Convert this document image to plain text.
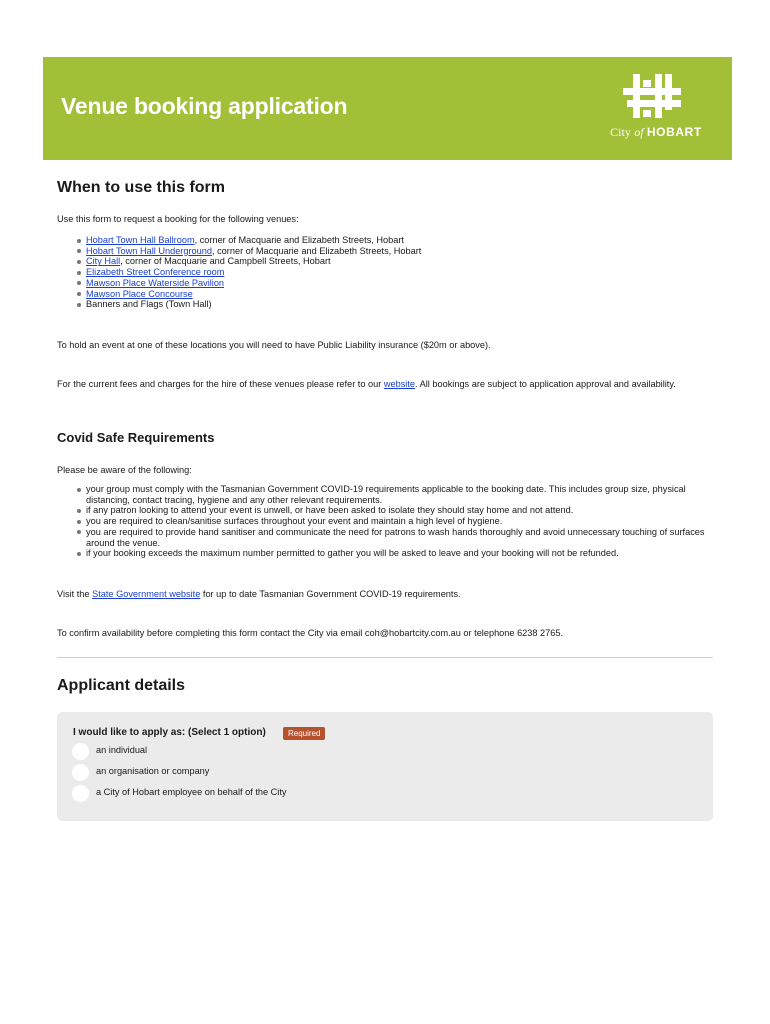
Venue booking application
City of HOBART
When to use this form

Use this form to request a booking for the following venues:

Hobart Town Hall Ballroom, corner of Macquarie and Elizabeth Streets, Hobart
Hobart Town Hall Underground, corner of Macquarie and Elizabeth Streets, Hobart
City Hall, corner of Macquarie and Campbell Streets, Hobart
Elizabeth Street Conference room
Mawson Place Waterside Pavilion
Mawson Place Concourse
Banners and Flags (Town Hall)

To hold an event at one of these locations you will need to have Public Liability insurance ($20m or above).

For the current fees and charges for the hire of these venues please refer to our website. All bookings are subject to application approval and availability.

Covid Safe Requirements

Please be aware of the following:

your group must comply with the Tasmanian Government COVID-19 requirements applicable to the booking date. This includes group size, physical distancing, contact tracing, hygiene and any other relevant requirements.
if any patron looking to attend your event is unwell, or have been asked to isolate they should stay home and not attend.
you are required to clean/sanitise surfaces throughout your event and maintain a high level of hygiene.
you are required to provide hand sanitiser and communicate the need for patrons to wash hands thoroughly and avoid unnecessary touching of surfaces around the venue.
if your booking exceeds the maximum number permitted to gather you will be asked to leave and your booking will not be refunded.

Visit the State Government website for up to date Tasmanian Government COVID-19 requirements.

To confirm availability before completing this form contact the City via email coh@hobartcity.com.au or telephone 6238 2765.

Applicant details
I would like to apply as: (Select 1 option)	Required
an individual
an organisation or company
a City of Hobart employee on behalf of the City
